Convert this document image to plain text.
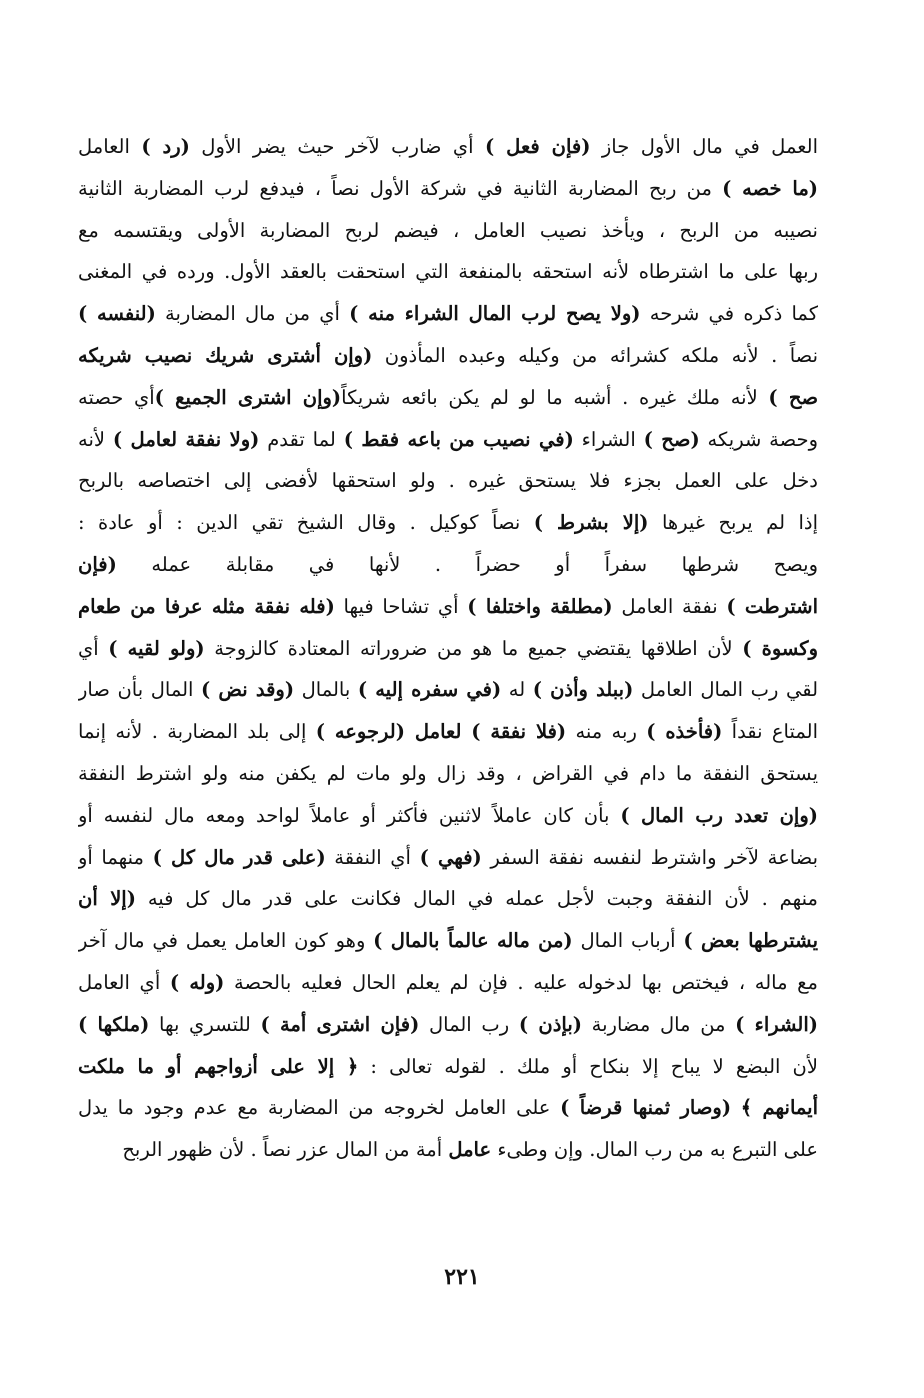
العمل في مال الأول جاز (فإن فعل ) أي ضارب لآخر حيث يضر الأول (رد ) العامل
(ما خصه ) من ربح المضاربة الثانية في شركة الأول نصاً ، فيدفع لرب المضاربة الثانية
نصيبه من الربح ، ويأخذ نصيب العامل ، فيضم لربح المضاربة الأولى ويقتسمه مع
ربها على ما اشترطاه لأنه استحقه بالمنفعة التي استحقت بالعقد الأول. ورده في المغنى
كما ذكره في شرحه (ولا يصح لرب المال الشراء منه ) أي من مال المضاربة (لنفسه )
نصاً . لأنه ملكه كشرائه من وكيله وعبده المأذون (وإن أشترى شريك نصيب شريكه
صح ) لأنه ملك غيره . أشبه ما لو لم يكن بائعه شريكاً(وإن اشترى الجميع )أي حصته
وحصة شريكه (صح ) الشراء (في نصيب من باعه فقط ) لما تقدم (ولا نفقة لعامل ) لأنه
دخل على العمل بجزء فلا يستحق غيره . ولو استحقها لأفضى إلى اختصاصه بالربح
إذا لم يربح غيرها (إلا بشرط ) نصاً كوكيل . وقال الشيخ تقي الدين : أو عادة :
ويصح شرطها سفراً أو حضراً . لأنها في مقابلة عمله (فإن
اشترطت ) نفقة العامل (مطلقة واختلفا ) أي تشاحا فيها (فله نفقة مثله عرفا من طعام
وكسوة ) لأن اطلاقها يقتضي جميع ما هو من ضروراته المعتادة كالزوجة (ولو لقيه ) أي
لقي رب المال العامل (ببلد وأذن ) له (في سفره إليه ) بالمال (وقد نض ) المال بأن صار
المتاع نقداً (فأخذه ) ربه منه (فلا نفقة ) لعامل (لرجوعه ) إلى بلد المضاربة . لأنه إنما
يستحق النفقة ما دام في القراض ، وقد زال ولو مات لم يكفن منه ولو اشترط النفقة
(وإن تعدد رب المال ) بأن كان عاملاً لاثنين فأكثر أو عاملاً لواحد ومعه مال لنفسه أو
بضاعة لآخر واشترط لنفسه نفقة السفر (فهي ) أي النفقة (على قدر مال كل ) منهما أو
منهم . لأن النفقة وجبت لأجل عمله في المال فكانت على قدر مال كل فيه (إلا أن
يشترطها بعض ) أرباب المال (من ماله عالماً بالمال ) وهو كون العامل يعمل في مال آخر
مع ماله ، فيختص بها لدخوله عليه . فإن لم يعلم الحال فعليه بالحصة (وله ) أي العامل
(الشراء ) من مال مضاربة (بإذن ) رب المال (فإن اشترى أمة ) للتسري بها (ملكها )
لأن البضع لا يباح إلا بنكاح أو ملك . لقوله تعالى : ﴿ إلا على أزواجهم أو ما ملكت
أيمانهم ﴾ (وصار ثمنها قرضاً ) على العامل لخروجه من المضاربة مع عدم وجود ما يدل
على التبرع به من رب المال. وإن وطىء عامل أمة من المال عزر نصاً . لأن ظهور الربح
٢٢١
